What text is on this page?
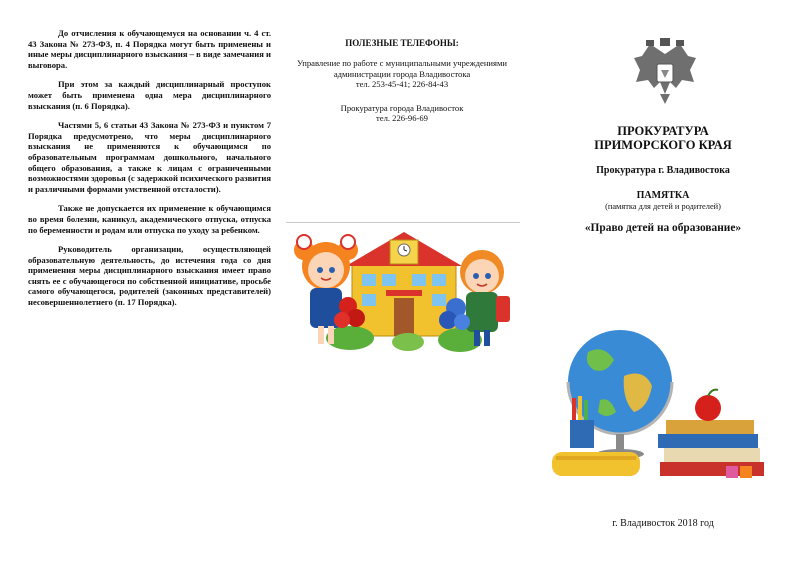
До отчисления к обучающемуся на основании ч. 4 ст. 43 Закона № 273-ФЗ, п. 4 Порядка могут быть применены и иные меры дисциплинарного взыскания – в виде замечания и выговора.

При этом за каждый дисциплинарный проступок может быть применена одна мера дисциплинарного взыскания (п. 6 Порядка).

Частями 5, 6 статьи 43 Закона № 273-ФЗ и пунктом 7 Порядка предусмотрено, что меры дисциплинарного взыскания не применяются к обучающимся по образовательным программам дошкольного, начального общего образования, а также к лицам с ограниченными возможностями здоровья (с задержкой психического развития и различными формами умственной отсталости).

Также не допускается их применение к обучающимся во время болезни, каникул, академического отпуска, отпуска по беременности и родам или отпуска по уходу за ребенком.

Руководитель организации, осуществляющей образовательную деятельность, до истечения года со дня применения меры дисциплинарного взыскания имеет право снять ее с обучающегося по собственной инициативе, просьбе самого обучающегося, родителей (законных представителей) несовершеннолетнего (п. 17 Порядка).

ПОЛЕЗНЫЕ ТЕЛЕФОНЫ:
Управление по работе с муниципальными учреждениями
администрации города Владивостока
тел. 253-45-41; 226-84-43
Прокуратура города Владивосток
тел. 226-96-69
ПРОКУРАТУРА
ПРИМОРСКОГО КРАЯ
Прокуратура г. Владивостока
ПАМЯТКА
(памятка для детей и родителей)
«Право детей на образование»
г. Владивосток 2018 год
